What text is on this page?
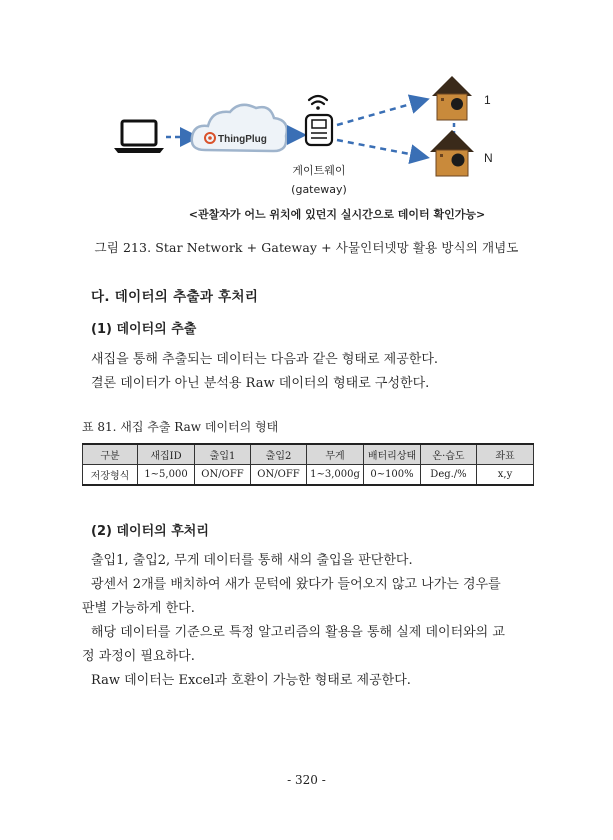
ThingPlug
게이트웨이
(gateway)
1
N
<관찰자가 어느 위치에 있던지 실시간으로 데이터 확인가능>
그림 213. Star Network + Gateway + 사물인터넷망 활용 방식의 개념도
다. 데이터의 추출과 후처리
(1) 데이터의 추출
새집을 통해 추출되는 데이터는 다음과 같은 형태로 제공한다.
결론 데이터가 아닌 분석용 Raw 데이터의 형태로 구성한다.
표 81. 새집 추출 Raw 데이터의 형태
구분	새집ID	출입1	출입2	무게	배터리상태	온·습도	좌표
저장형식	1~5,000	ON/OFF	ON/OFF	1~3,000g	0~100%	Deg./%	x,y
(2) 데이터의 후처리
출입1, 출입2, 무게 데이터를 통해 새의 출입을 판단한다.
광센서 2개를 배치하여 새가 문턱에 왔다가 들어오지 않고 나가는 경우를
판별 가능하게 한다.
해당 데이터를 기준으로 특정 알고리즘의 활용을 통해 실제 데이터와의 교
정 과정이 필요하다.
Raw 데이터는 Excel과 호환이 가능한 형태로 제공한다.
- 320 -
